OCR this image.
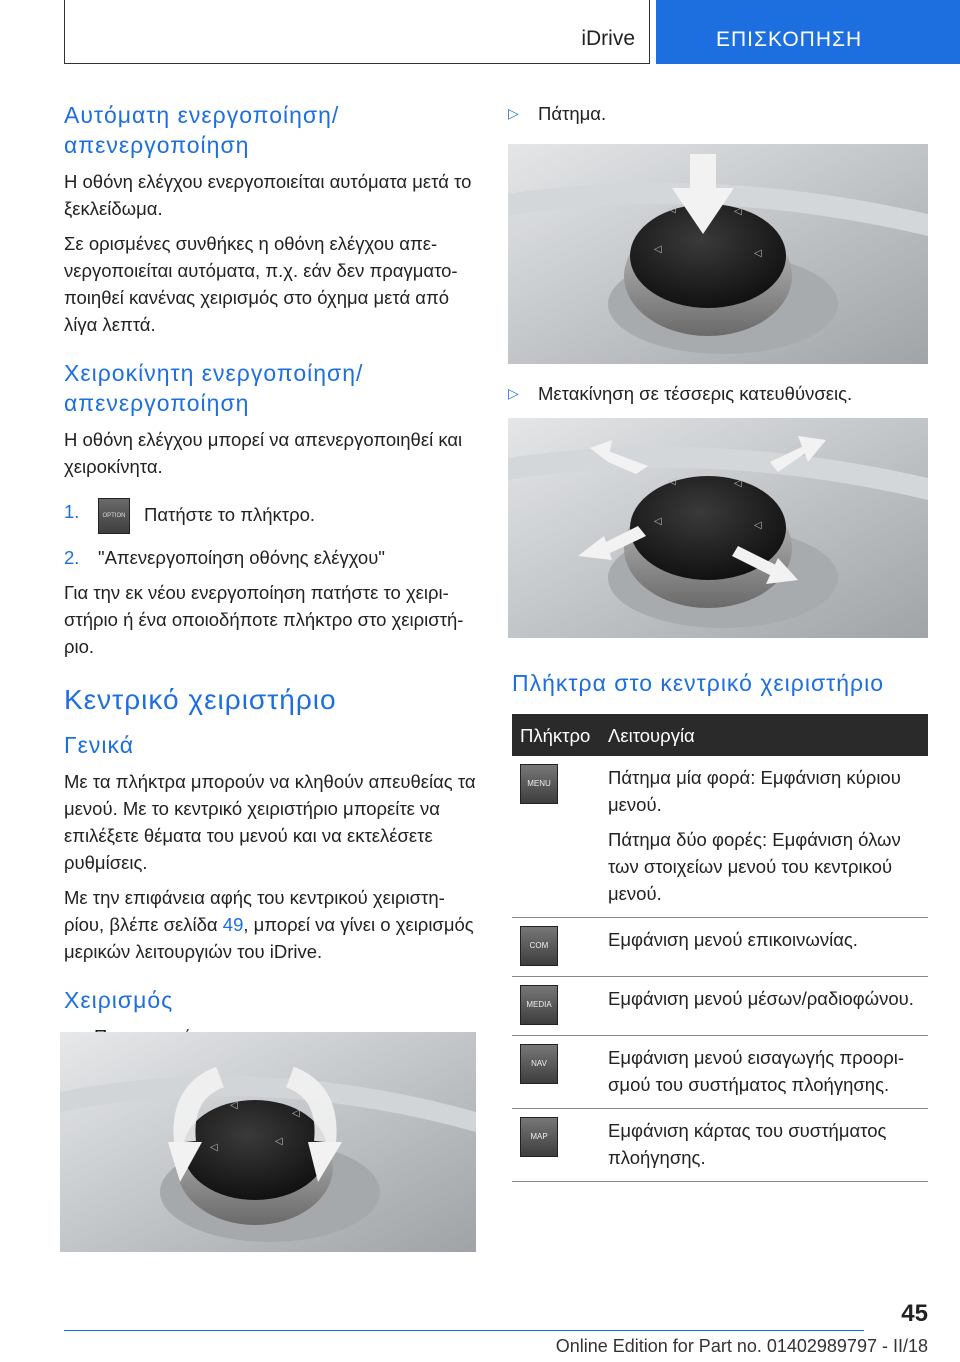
iDrive	ΕΠΙΣΚΟΠΗΣΗ
Αυτόματη ενεργοποίηση/ απενεργοποίηση

Η οθόνη ελέγχου ενεργοποιείται αυτόματα μετά το ξεκλείδωμα.

Σε ορισμένες συνθήκες η οθόνη ελέγχου απενεργοποιείται αυτόματα, π.χ. εάν δεν πραγματοποιηθεί κανένας χειρισμός στο όχημα μετά από λίγα λεπτά.

Χειροκίνητη ενεργοποίηση/ απενεργοποίηση

Η οθόνη ελέγχου μπορεί να απενεργοποιηθεί και χειροκίνητα.

1.	OPTION Πατήστε το πλήκτρο.
2.	"Απενεργοποίηση οθόνης ελέγχου"

Για την εκ νέου ενεργοποίηση πατήστε το χειριστήριο ή ένα οποιοδήποτε πλήκτρο στο χειριστήριο.

Κεντρικό χειριστήριο
Γενικά

Με τα πλήκτρα μπορούν να κληθούν απευθείας τα μενού. Με το κεντρικό χειριστήριο μπορείτε να επιλέξετε θέματα του μενού και να εκτελέσετε ρυθμίσεις.

Με την επιφάνεια αφής του κεντρικού χειριστηρίου, βλέπε σελίδα 49, μπορεί να γίνει ο χειρισμός μερικών λειτουργιών του iDrive.

Χειρισμός
◁
◁
◁
◁
▷	Πάτημα.
◁	◁
◁	◁
▷	Μετακίνηση σε τέσσερις κατευθύνσεις.
◁	◁
◁	◁
Πλήκτρα στο κεντρικό χειριστήριο
Πλήκτρο	Λειτουργία

MENU	Πάτημα μία φορά: Εμφάνιση κύριου μενού.

Πάτημα δύο φορές: Εμφάνιση όλων των στοιχείων μενού του κεντρικού μενού.

COM	Εμφάνιση μενού επικοινωνίας.

MEDIA	Εμφάνιση μενού μέσων/ραδιοφώνου.

NAV	Εμφάνιση μενού εισαγωγής προορισμού του συστήματος πλοήγησης.

MAP	Εμφάνιση κάρτας του συστήματος πλοήγησης.

45
Online Edition for Part no. 01402989797 - II/18
